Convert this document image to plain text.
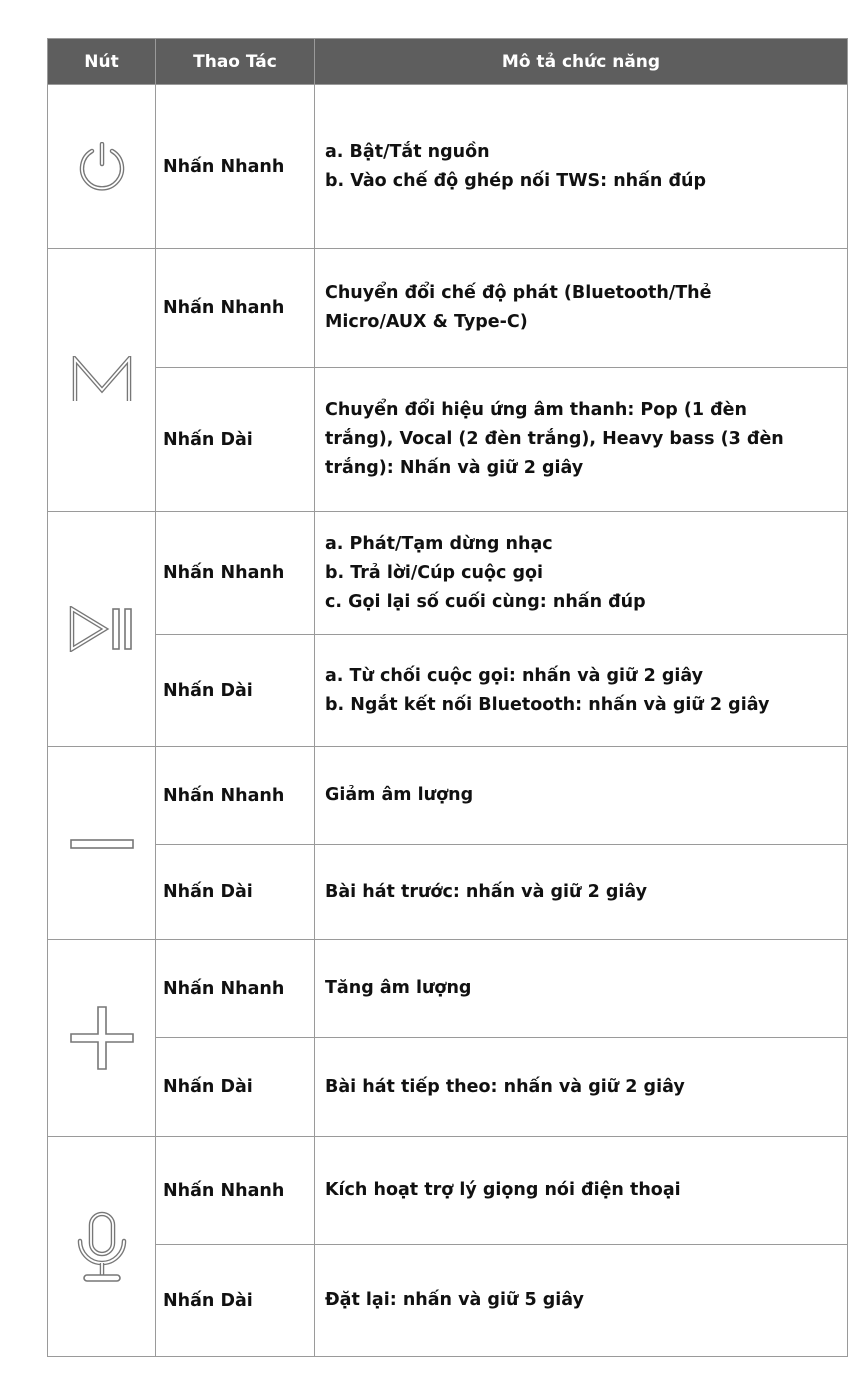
Nút	Thao Tác	Mô tả chức năng
	Nhấn Nhanh	a. Bật/Tắt nguồn
b. Vào chế độ ghép nối TWS: nhấn đúp

	Nhấn Nhanh	Chuyển đổi chế độ phát (Bluetooth/Thẻ
Micro/AUX & Type-C)

	Nhấn Dài	Chuyển đổi hiệu ứng âm thanh: Pop (1 đèn
trắng), Vocal (2 đèn trắng), Heavy bass (3 đèn
trắng): Nhấn và giữ 2 giây

	Nhấn Nhanh	a. Phát/Tạm dừng nhạc
b. Trả lời/Cúp cuộc gọi
c. Gọi lại số cuối cùng: nhấn đúp

	Nhấn Dài	a. Từ chối cuộc gọi: nhấn và giữ 2 giây
b. Ngắt kết nối Bluetooth: nhấn và giữ 2 giây

	Nhấn Nhanh	Giảm âm lượng

	Nhấn Dài	Bài hát trước: nhấn và giữ 2 giây

	Nhấn Nhanh	Tăng âm lượng

	Nhấn Dài	Bài hát tiếp theo: nhấn và giữ 2 giây

	Nhấn Nhanh	Kích hoạt trợ lý giọng nói điện thoại

	Nhấn Dài	Đặt lại: nhấn và giữ 5 giây
